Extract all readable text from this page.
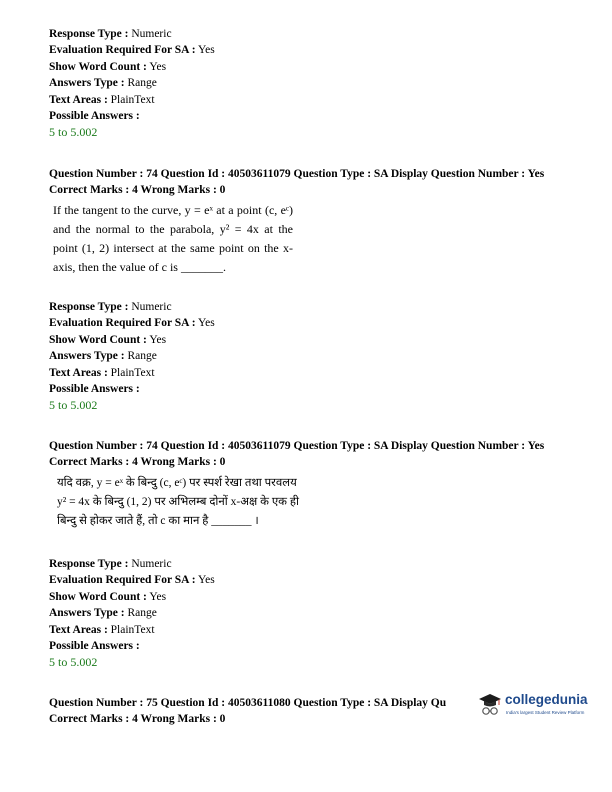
Response Type : Numeric
Evaluation Required For SA : Yes
Show Word Count : Yes
Answers Type : Range
Text Areas : PlainText
Possible Answers :
5 to 5.002
Question Number : 74 Question Id : 40503611079 Question Type : SA Display Question Number : Yes
Correct Marks : 4 Wrong Marks : 0
If the tangent to the curve, y = eˣ at a point (c, eᶜ) and the normal to the parabola, y² = 4x at the point (1, 2) intersect at the same point on the x-axis, then the value of c is _______.
Response Type : Numeric
Evaluation Required For SA : Yes
Show Word Count : Yes
Answers Type : Range
Text Areas : PlainText
Possible Answers :
5 to 5.002
Question Number : 74 Question Id : 40503611079 Question Type : SA Display Question Number : Yes
Correct Marks : 4 Wrong Marks : 0
यदि वक्र, y = eˣ के बिन्दु (c, eᶜ) पर स्पर्श रेखा तथा परवलय y² = 4x के बिन्दु (1, 2) पर अभिलम्ब दोनों x-अक्ष के एक ही बिन्दु से होकर जाते हैं, तो c का मान है _______ ।
Response Type : Numeric
Evaluation Required For SA : Yes
Show Word Count : Yes
Answers Type : Range
Text Areas : PlainText
Possible Answers :
5 to 5.002
Question Number : 75 Question Id : 40503611080 Question Type : SA Display Qu
Correct Marks : 4 Wrong Marks : 0
collegedunia
India's largest Student Review Platform
